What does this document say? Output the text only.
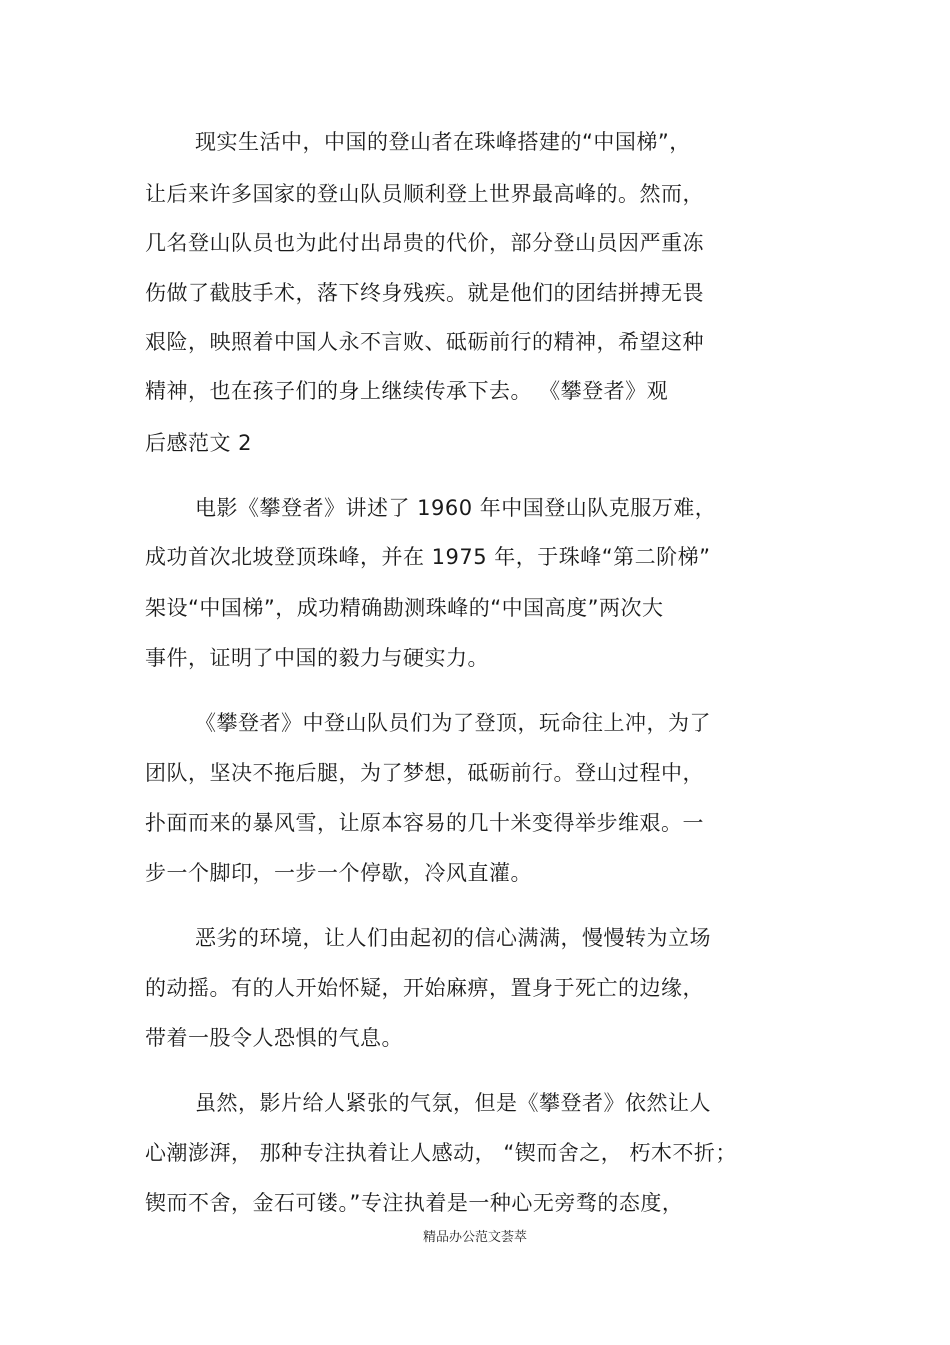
现实生活中，中国的登山者在珠峰搭建的“中国梯”，
让后来许多国家的登山队员顺利登上世界最高峰的。然而，
几名登山队员也为此付出昂贵的代价，部分登山员因严重冻
伤做了截肢手术，落下终身残疾。就是他们的团结拼搏无畏
艰险，映照着中国人永不言败、砥砺前行的精神，希望这种
精神，也在孩子们的身上继续传承下去。 《攀登者》观
后感范文 2
电影《攀登者》讲述了 1960 年中国登山队克服万难，
成功首次北坡登顶珠峰，并在 1975 年，于珠峰“第二阶梯”
架设“中国梯”，成功精确勘测珠峰的“中国高度”两次大
事件，证明了中国的毅力与硬实力。
《攀登者》中登山队员们为了登顶，玩命往上冲，为了
团队，坚决不拖后腿，为了梦想，砥砺前行。登山过程中，
扑面而来的暴风雪，让原本容易的几十米变得举步维艰。一
步一个脚印，一步一个停歇，冷风直灌。
恶劣的环境，让人们由起初的信心满满，慢慢转为立场
的动摇。有的人开始怀疑，开始麻痹，置身于死亡的边缘，
带着一股令人恐惧的气息。
虽然，影片给人紧张的气氛，但是《攀登者》依然让人
心潮澎湃， 那种专注执着让人感动， “锲而舍之， 朽木不折；
锲而不舍，金石可镂。”专注执着是一种心无旁骛的态度，
精品办公范文荟萃
